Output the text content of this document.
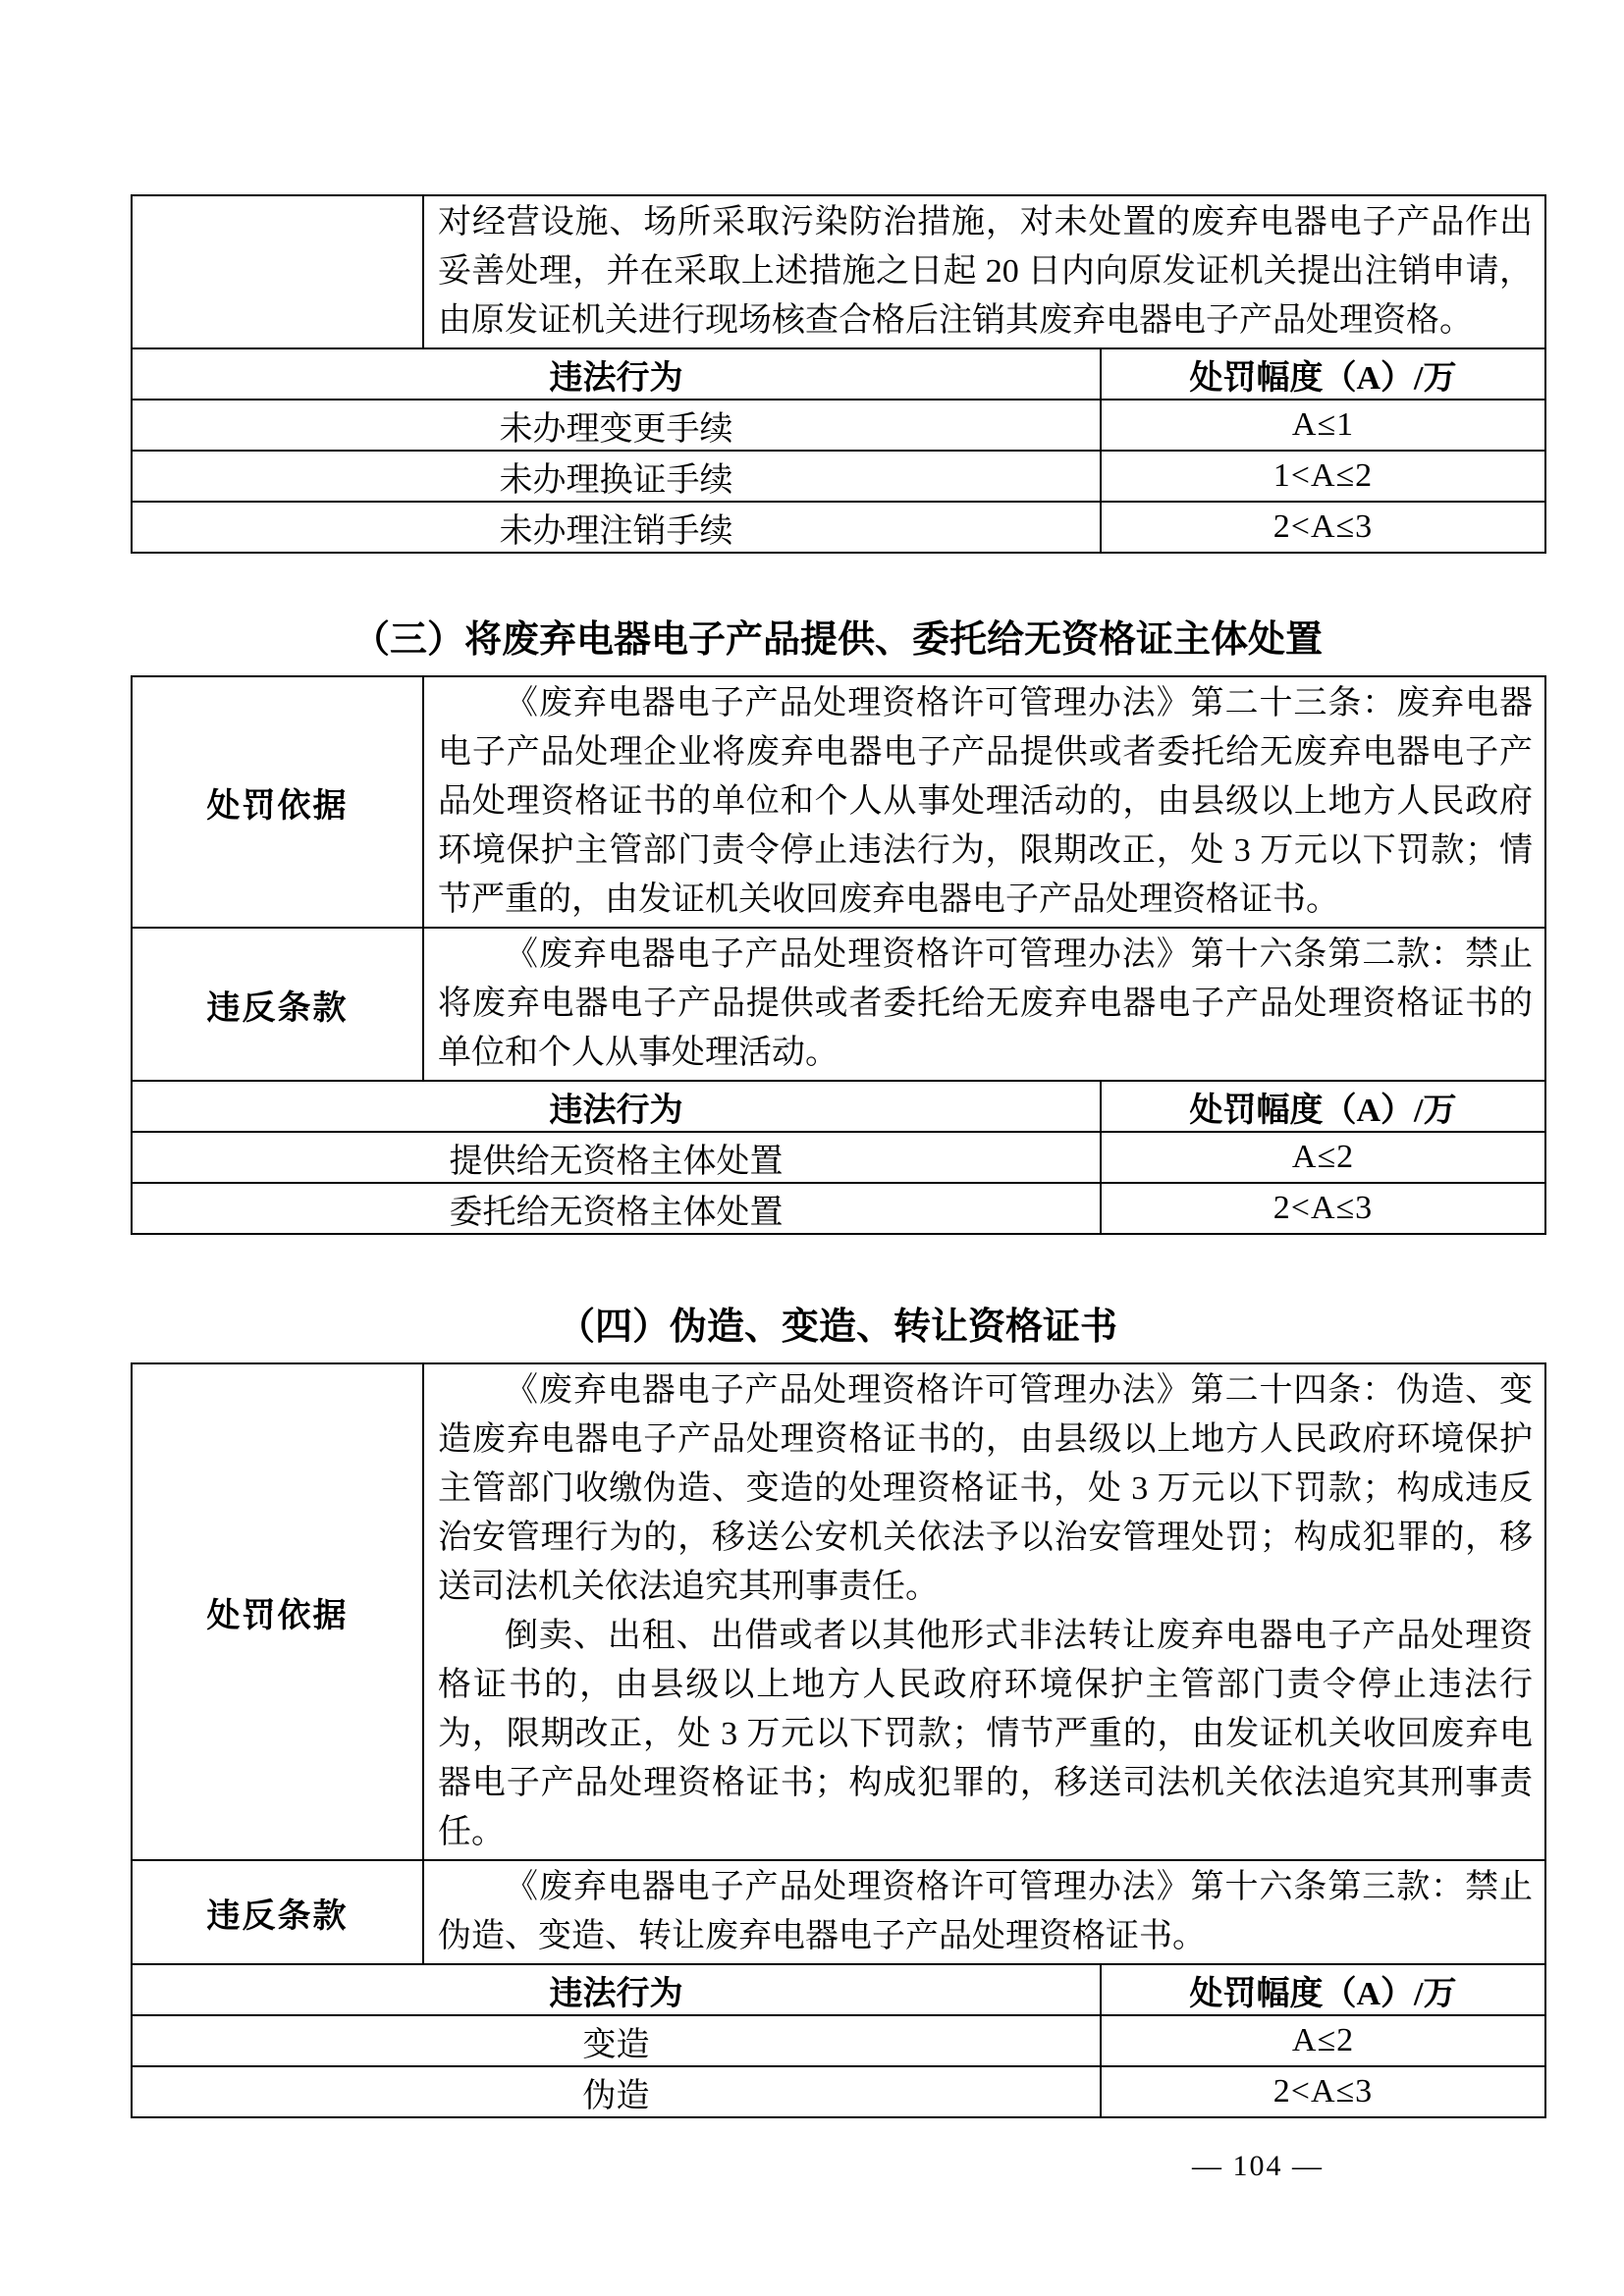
	对经营设施、场所采取污染防治措施，对未处置的废弃电器电子产品作出妥善处理，并在采取上述措施之日起 20 日内向原发证机关提出注销申请，由原发证机关进行现场核查合格后注销其废弃电器电子产品处理资格。	

违法行为		处罚幅度（A）/万
未办理变更手续		A≤1
未办理换证手续		1<A≤2
未办理注销手续		2<A≤3
（三）将废弃电器电子产品提供、委托给无资格证主体处置
处罚依据	《废弃电器电子产品处理资格许可管理办法》第二十三条：废弃电器电子产品处理企业将废弃电器电子产品提供或者委托给无废弃电器电子产品处理资格证书的单位和个人从事处理活动的，由县级以上地方人民政府环境保护主管部门责令停止违法行为，限期改正，处 3 万元以下罚款；情节严重的，由发证机关收回废弃电器电子产品处理资格证书。	

违反条款	《废弃电器电子产品处理资格许可管理办法》第十六条第二款：禁止将废弃电器电子产品提供或者委托给无废弃电器电子产品处理资格证书的单位和个人从事处理活动。	

违法行为		处罚幅度（A）/万
提供给无资格主体处置		A≤2
委托给无资格主体处置		2<A≤3
（四）伪造、变造、转让资格证书
处罚依据	《废弃电器电子产品处理资格许可管理办法》第二十四条：伪造、变造废弃电器电子产品处理资格证书的，由县级以上地方人民政府环境保护主管部门收缴伪造、变造的处理资格证书，处 3 万元以下罚款；构成违反治安管理行为的，移送公安机关依法予以治安管理处罚；构成犯罪的，移送司法机关依法追究其刑事责任。

倒卖、出租、出借或者以其他形式非法转让废弃电器电子产品处理资格证书的，由县级以上地方人民政府环境保护主管部门责令停止违法行为，限期改正，处 3 万元以下罚款；情节严重的，由发证机关收回废弃电器电子产品处理资格证书；构成犯罪的，移送司法机关依法追究其刑事责任。	

违反条款	《废弃电器电子产品处理资格许可管理办法》第十六条第三款：禁止伪造、变造、转让废弃电器电子产品处理资格证书。	

违法行为		处罚幅度（A）/万
变造		A≤2
伪造		2<A≤3
— 104 —
